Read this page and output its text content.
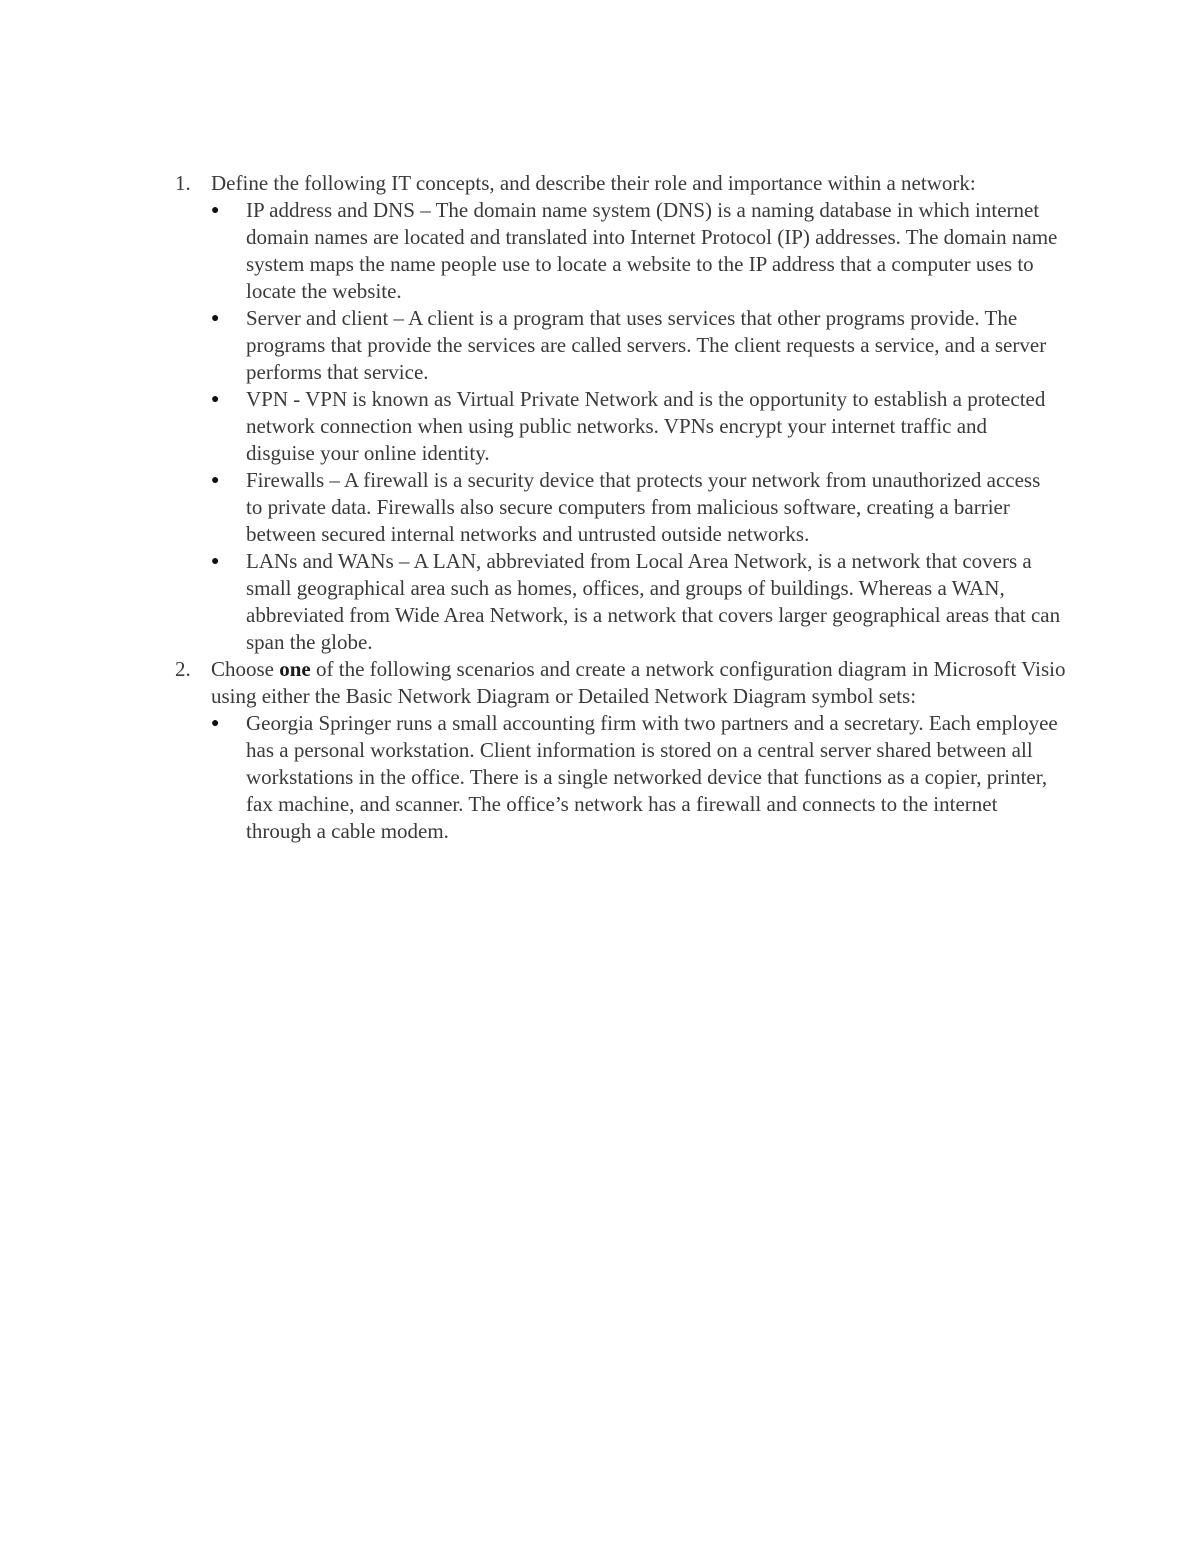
1. Define the following IT concepts, and describe their role and importance within a network:
● IP address and DNS – The domain name system (DNS) is a naming database in which internet domain names are located and translated into Internet Protocol (IP) addresses. The domain name system maps the name people use to locate a website to the IP address that a computer uses to locate the website.
● Server and client – A client is a program that uses services that other programs provide. The programs that provide the services are called servers. The client requests a service, and a server performs that service.
● VPN - VPN is known as Virtual Private Network and is the opportunity to establish a protected network connection when using public networks. VPNs encrypt your internet traffic and disguise your online identity.
● Firewalls – A firewall is a security device that protects your network from unauthorized access to private data. Firewalls also secure computers from malicious software, creating a barrier between secured internal networks and untrusted outside networks.
● LANs and WANs – A LAN, abbreviated from Local Area Network, is a network that covers a small geographical area such as homes, offices, and groups of buildings. Whereas a WAN, abbreviated from Wide Area Network, is a network that covers larger geographical areas that can span the globe.
2. Choose one of the following scenarios and create a network configuration diagram in Microsoft Visio using either the Basic Network Diagram or Detailed Network Diagram symbol sets:
● Georgia Springer runs a small accounting firm with two partners and a secretary. Each employee has a personal workstation. Client information is stored on a central server shared between all workstations in the office. There is a single networked device that functions as a copier, printer, fax machine, and scanner. The office’s network has a firewall and connects to the internet through a cable modem.
